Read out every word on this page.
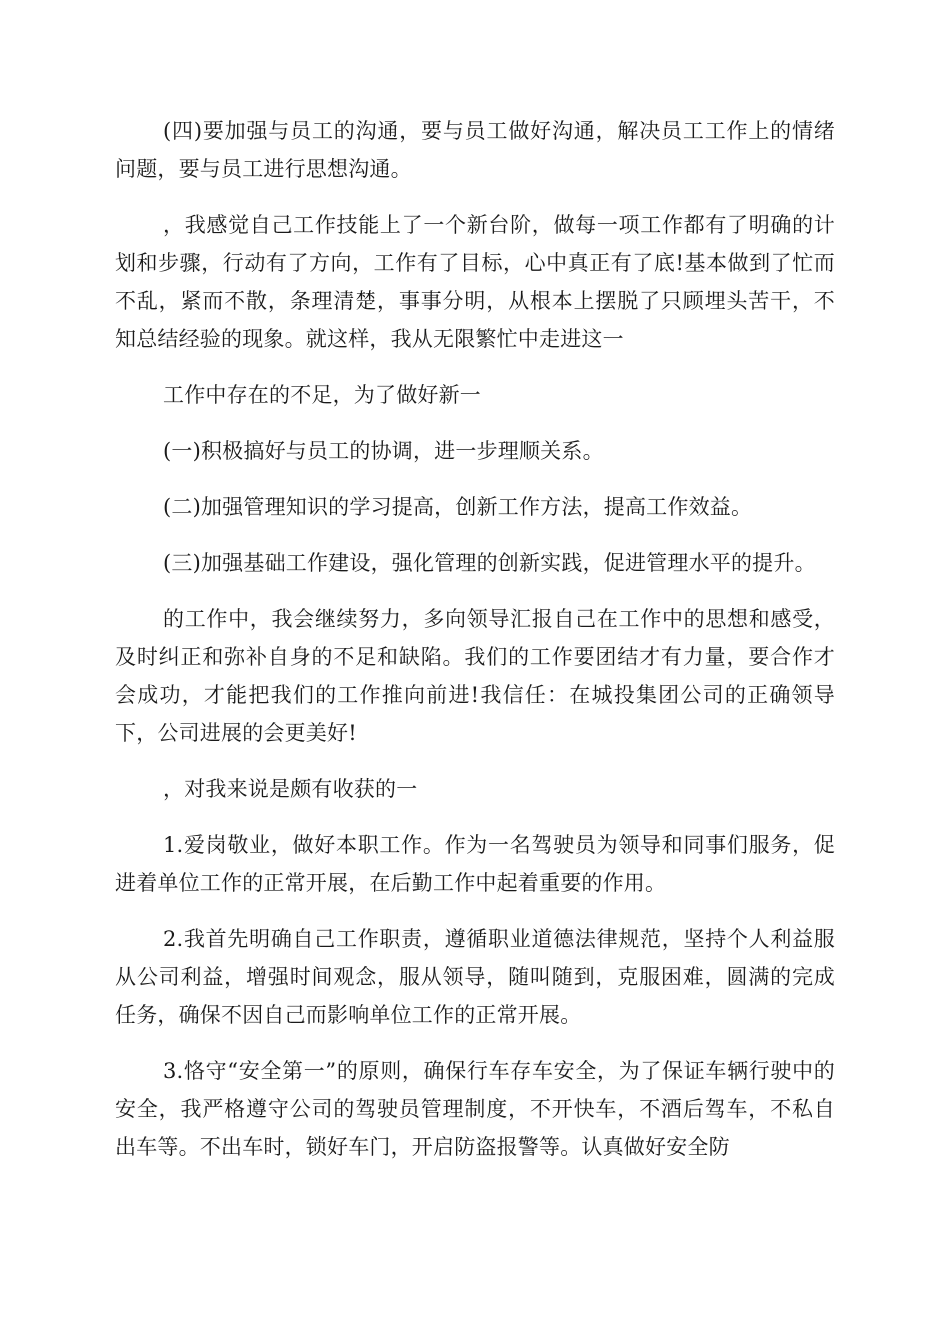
(四)要加强与员工的沟通，要与员工做好沟通，解决员工工作上的情绪问题，要与员工进行思想沟通。

，我感觉自己工作技能上了一个新台阶，做每一项工作都有了明确的计划和步骤，行动有了方向，工作有了目标，心中真正有了底!基本做到了忙而不乱，紧而不散，条理清楚，事事分明，从根本上摆脱了只顾埋头苦干，不知总结经验的现象。就这样，我从无限繁忙中走进这一

工作中存在的不足，为了做好新一

(一)积极搞好与员工的协调，进一步理顺关系。

(二)加强管理知识的学习提高，创新工作方法，提高工作效益。

(三)加强基础工作建设，强化管理的创新实践，促进管理水平的提升。

的工作中，我会继续努力，多向领导汇报自己在工作中的思想和感受，及时纠正和弥补自身的不足和缺陷。我们的工作要团结才有力量，要合作才会成功，才能把我们的工作推向前进!我信任：在城投集团公司的正确领导下，公司进展的会更美好!

，对我来说是颇有收获的一

1.爱岗敬业，做好本职工作。作为一名驾驶员为领导和同事们服务，促进着单位工作的正常开展，在后勤工作中起着重要的作用。

2.我首先明确自己工作职责，遵循职业道德法律规范，坚持个人利益服从公司利益，增强时间观念，服从领导，随叫随到，克服困难，圆满的完成任务，确保不因自己而影响单位工作的正常开展。

3.恪守“安全第一”的原则，确保行车存车安全，为了保证车辆行驶中的安全，我严格遵守公司的驾驶员管理制度，不开快车，不酒后驾车，不私自出车等。不出车时，锁好车门，开启防盗报警等。认真做好安全防
